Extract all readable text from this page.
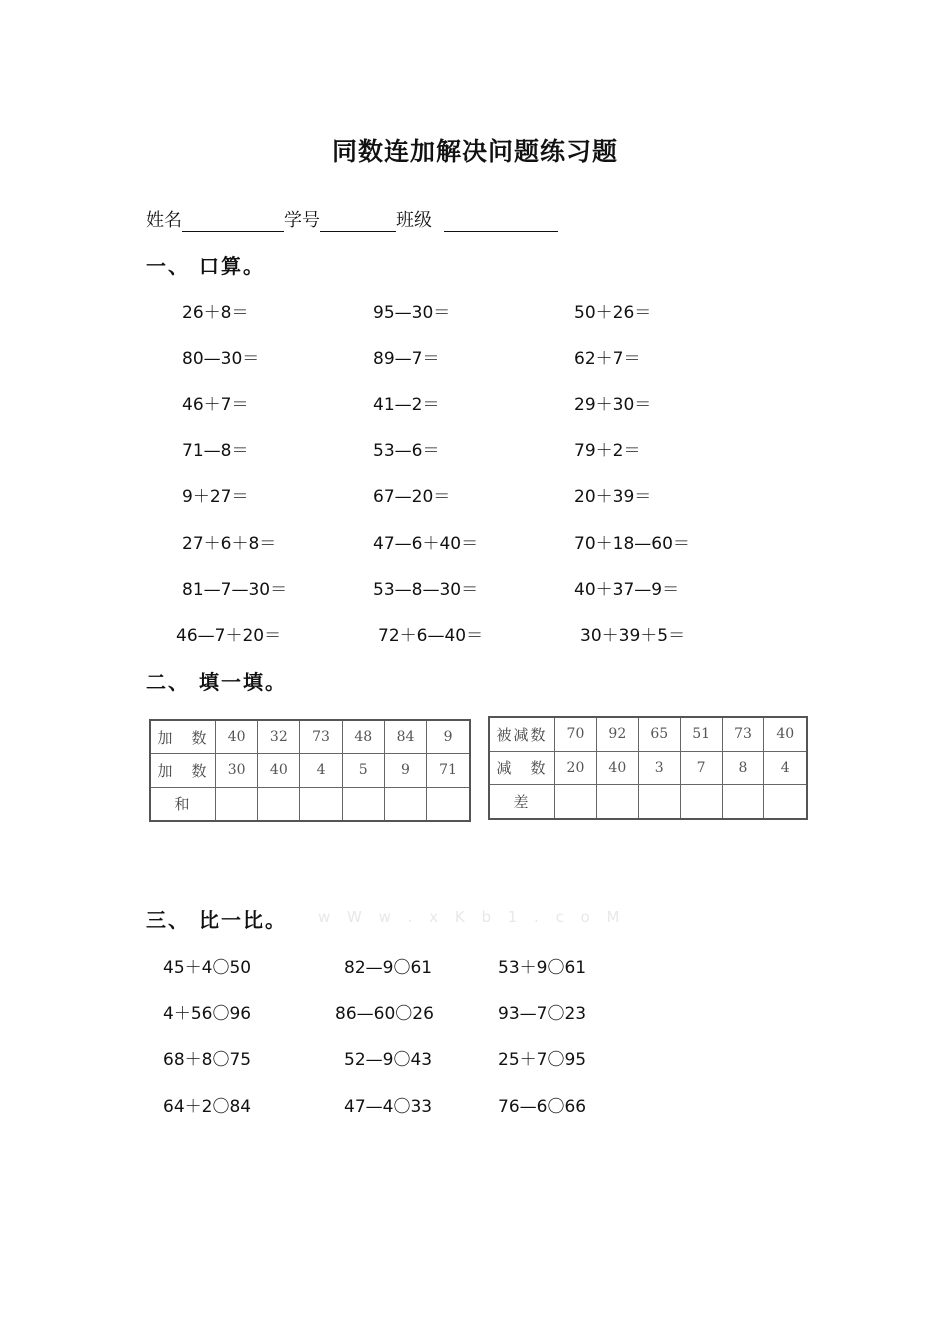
同数连加解决问题练习题
姓名	学号	班级
一、 口算。
26＋8＝	95—30＝	50＋26＝
80—30＝	89—7＝	62＋7＝
46＋7＝	41—2＝	29＋30＝
71—8＝	53—6＝	79＋2＝
9＋27＝	67—20＝	20＋39＝
27＋6＋8＝	47—6＋40＝	70＋18—60＝
81—7—30＝	53—8—30＝	40＋37—9＝
46—7＋20＝	72＋6—40＝	30＋39＋5＝
二、 填一填。
加　数	40	32	73	48	84	9
加　数	30	40	4	5	9	71
和						
被减数	70	92	65	51	73	40
减　数	20	40	3	7	8	4
差						
三、 比一比。 w W w . x K b 1 . c o M
45＋4〇50	82—9〇61	53＋9〇61
4＋56〇96	86—60〇26	93—7〇23
68＋8〇75	52—9〇43	25＋7〇95
64＋2〇84	47—4〇33	76—6〇66
